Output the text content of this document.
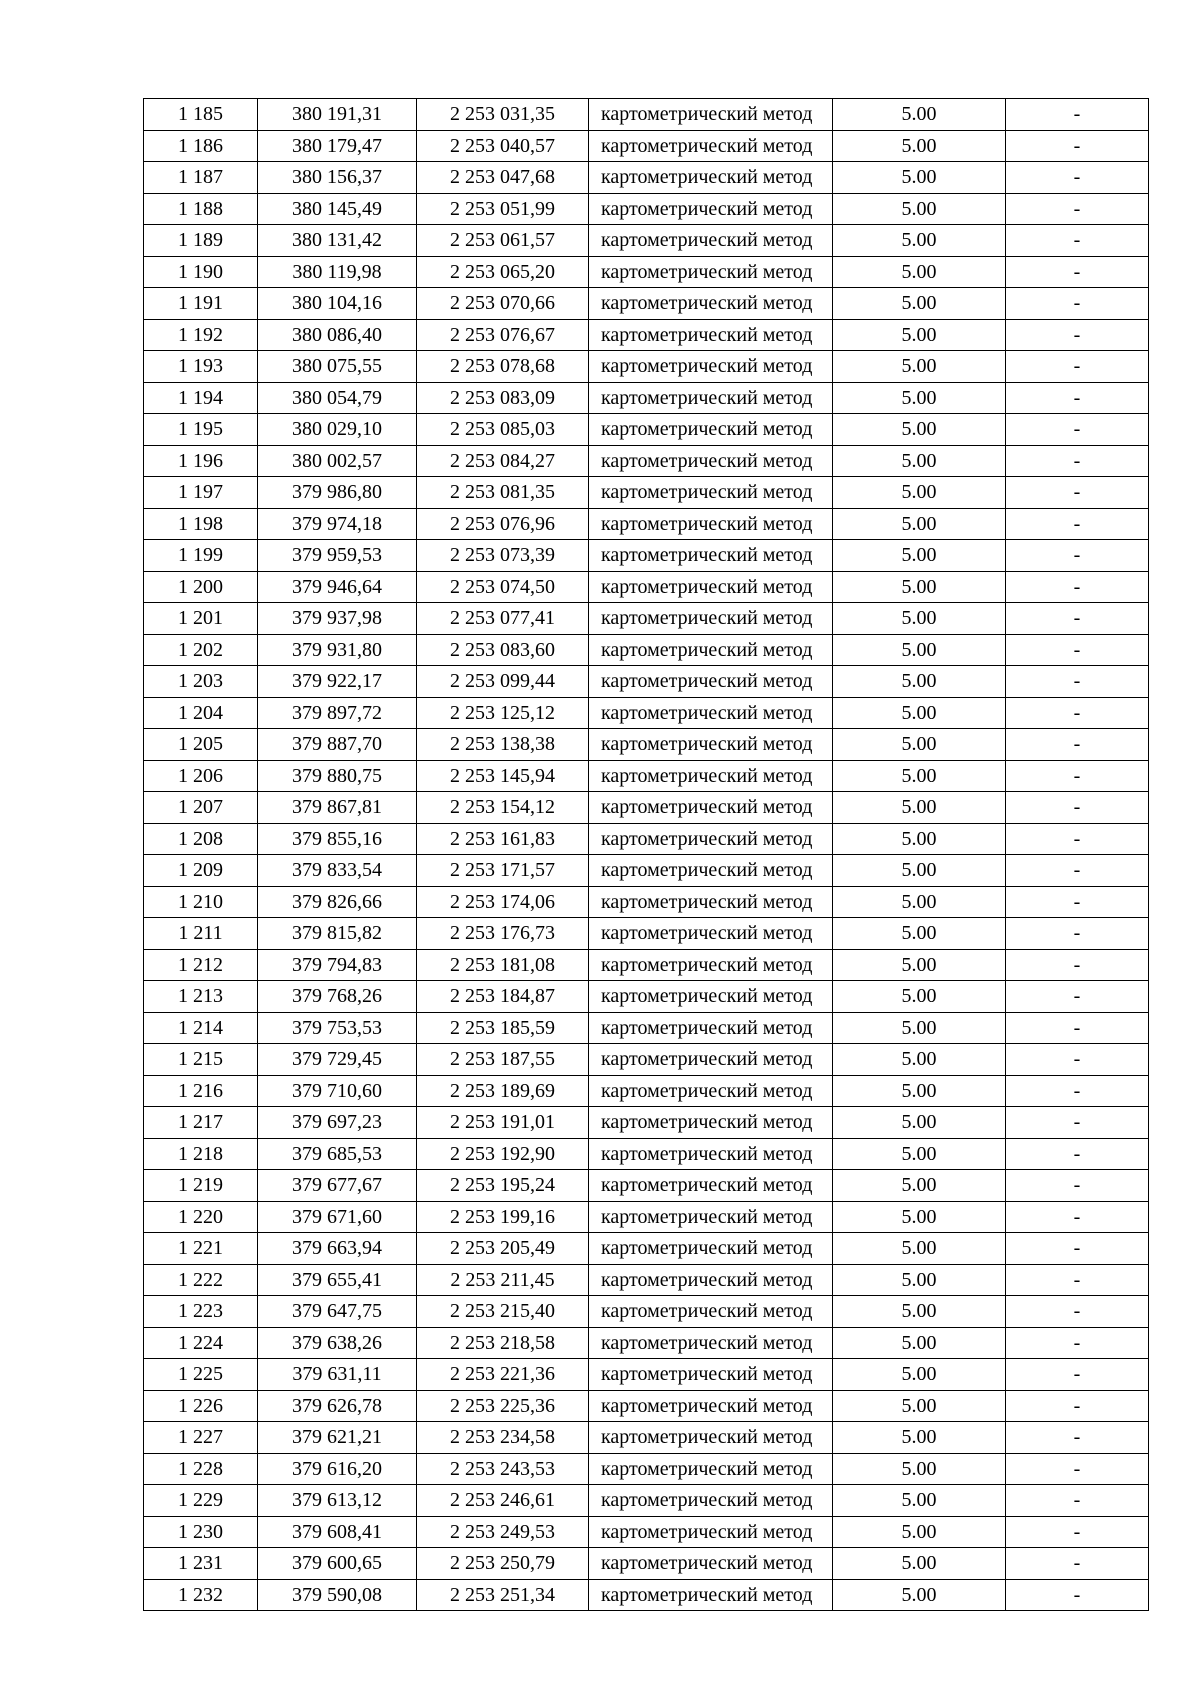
1 185	380 191,31	2 253 031,35	картометрический метод	5.00	-
1 186	380 179,47	2 253 040,57	картометрический метод	5.00	-
1 187	380 156,37	2 253 047,68	картометрический метод	5.00	-
1 188	380 145,49	2 253 051,99	картометрический метод	5.00	-
1 189	380 131,42	2 253 061,57	картометрический метод	5.00	-
1 190	380 119,98	2 253 065,20	картометрический метод	5.00	-
1 191	380 104,16	2 253 070,66	картометрический метод	5.00	-
1 192	380 086,40	2 253 076,67	картометрический метод	5.00	-
1 193	380 075,55	2 253 078,68	картометрический метод	5.00	-
1 194	380 054,79	2 253 083,09	картометрический метод	5.00	-
1 195	380 029,10	2 253 085,03	картометрический метод	5.00	-
1 196	380 002,57	2 253 084,27	картометрический метод	5.00	-
1 197	379 986,80	2 253 081,35	картометрический метод	5.00	-
1 198	379 974,18	2 253 076,96	картометрический метод	5.00	-
1 199	379 959,53	2 253 073,39	картометрический метод	5.00	-
1 200	379 946,64	2 253 074,50	картометрический метод	5.00	-
1 201	379 937,98	2 253 077,41	картометрический метод	5.00	-
1 202	379 931,80	2 253 083,60	картометрический метод	5.00	-
1 203	379 922,17	2 253 099,44	картометрический метод	5.00	-
1 204	379 897,72	2 253 125,12	картометрический метод	5.00	-
1 205	379 887,70	2 253 138,38	картометрический метод	5.00	-
1 206	379 880,75	2 253 145,94	картометрический метод	5.00	-
1 207	379 867,81	2 253 154,12	картометрический метод	5.00	-
1 208	379 855,16	2 253 161,83	картометрический метод	5.00	-
1 209	379 833,54	2 253 171,57	картометрический метод	5.00	-
1 210	379 826,66	2 253 174,06	картометрический метод	5.00	-
1 211	379 815,82	2 253 176,73	картометрический метод	5.00	-
1 212	379 794,83	2 253 181,08	картометрический метод	5.00	-
1 213	379 768,26	2 253 184,87	картометрический метод	5.00	-
1 214	379 753,53	2 253 185,59	картометрический метод	5.00	-
1 215	379 729,45	2 253 187,55	картометрический метод	5.00	-
1 216	379 710,60	2 253 189,69	картометрический метод	5.00	-
1 217	379 697,23	2 253 191,01	картометрический метод	5.00	-
1 218	379 685,53	2 253 192,90	картометрический метод	5.00	-
1 219	379 677,67	2 253 195,24	картометрический метод	5.00	-
1 220	379 671,60	2 253 199,16	картометрический метод	5.00	-
1 221	379 663,94	2 253 205,49	картометрический метод	5.00	-
1 222	379 655,41	2 253 211,45	картометрический метод	5.00	-
1 223	379 647,75	2 253 215,40	картометрический метод	5.00	-
1 224	379 638,26	2 253 218,58	картометрический метод	5.00	-
1 225	379 631,11	2 253 221,36	картометрический метод	5.00	-
1 226	379 626,78	2 253 225,36	картометрический метод	5.00	-
1 227	379 621,21	2 253 234,58	картометрический метод	5.00	-
1 228	379 616,20	2 253 243,53	картометрический метод	5.00	-
1 229	379 613,12	2 253 246,61	картометрический метод	5.00	-
1 230	379 608,41	2 253 249,53	картометрический метод	5.00	-
1 231	379 600,65	2 253 250,79	картометрический метод	5.00	-
1 232	379 590,08	2 253 251,34	картометрический метод	5.00	-
